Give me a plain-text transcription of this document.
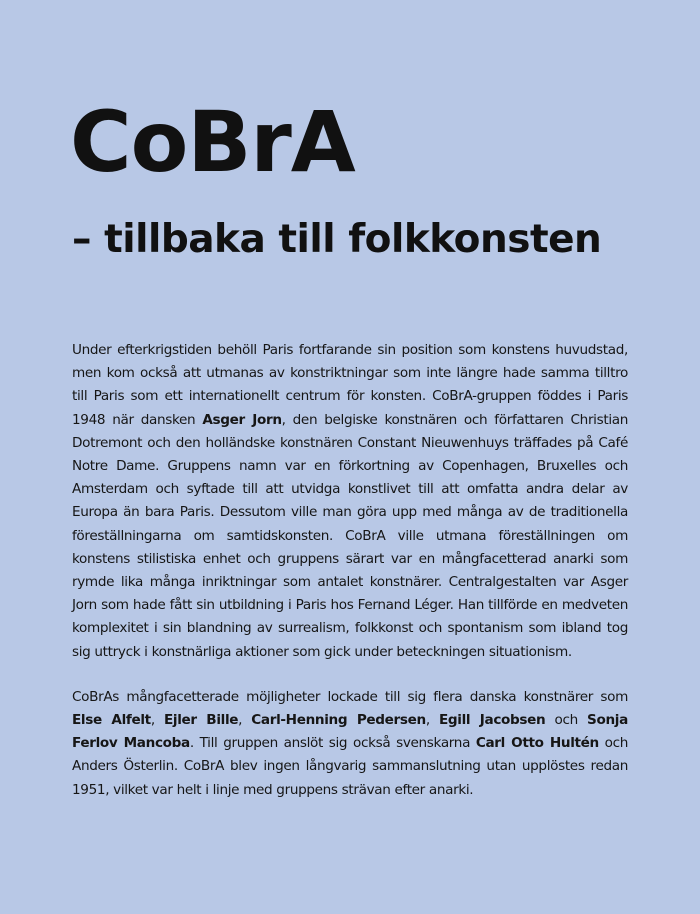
CoBrA
– tillbaka till folkkonsten

Under efterkrigstiden behöll Paris fortfarande sin position som konstens huvudstad, men kom också att utmanas av konstriktningar som inte längre hade samma tilltro till Paris som ett internationellt centrum för konsten. CoBrA-gruppen föddes i Paris 1948 när dansken Asger Jorn, den belgiske konstnären och författaren Christian Dotremont och den holländske konstnären Constant Nieuwenhuys träffades på Café Notre Dame. Gruppens namn var en förkortning av Copenhagen, Bruxelles och Amsterdam och syftade till att utvidga konstlivet till att omfatta andra delar av Europa än bara Paris. Dessutom ville man göra upp med många av de traditionella föreställningarna om samtidskonsten. CoBrA ville utmana föreställningen om konstens stilistiska enhet och gruppens särart var en mångfacetterad anarki som rymde lika många inriktningar som antalet konstnärer. Centralgestalten var Asger Jorn som hade fått sin utbildning i Paris hos Fernand Léger. Han tillförde en medveten komplexitet i sin blandning av surrealism, folkkonst och spontanism som ibland tog sig uttryck i konstnärliga aktioner som gick under beteckningen situationism.

CoBrAs mångfacetterade möjligheter lockade till sig flera danska konstnärer som Else Alfelt, Ejler Bille, Carl-Henning Pedersen, Egill Jacobsen och Sonja Ferlov Mancoba. Till gruppen anslöt sig också svenskarna Carl Otto Hultén och Anders Österlin. CoBrA blev ingen långvarig sammanslutning utan upplöstes redan 1951, vilket var helt i linje med gruppens strävan efter anarki.
